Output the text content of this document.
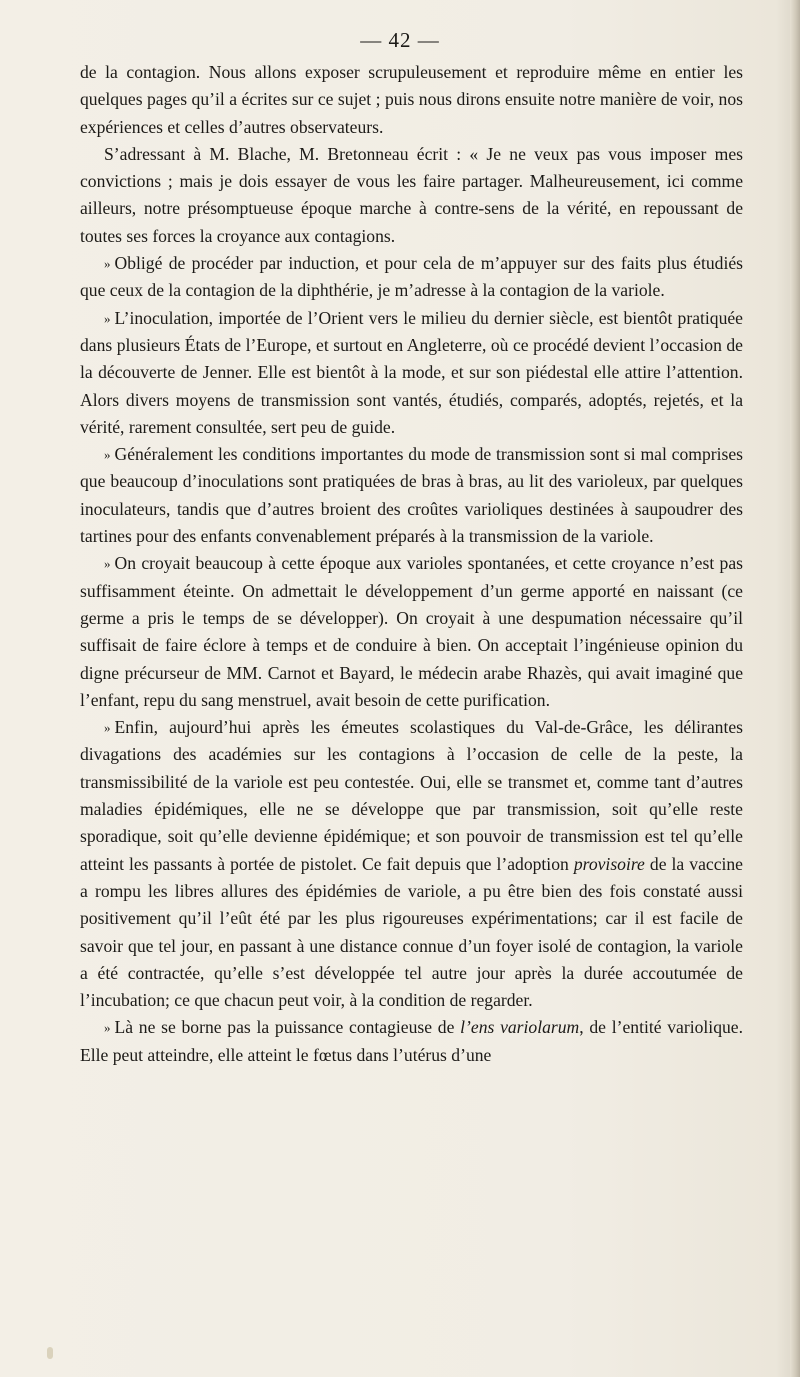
— 42 —

de la contagion. Nous allons exposer scrupuleusement et reproduire même en entier les quelques pages qu’il a écrites sur ce sujet ; puis nous dirons ensuite notre manière de voir, nos expériences et celles d’autres observateurs.

S’adressant à M. Blache, M. Bretonneau écrit : « Je ne veux pas vous imposer mes convictions ; mais je dois essayer de vous les faire partager. Malheureusement, ici comme ailleurs, notre présomptueuse époque marche à contre-sens de la vérité, en repoussant de toutes ses forces la croyance aux contagions.

» Obligé de procéder par induction, et pour cela de m’appuyer sur des faits plus étudiés que ceux de la contagion de la diphthérie, je m’adresse à la contagion de la variole.

» L’inoculation, importée de l’Orient vers le milieu du dernier siècle, est bientôt pratiquée dans plusieurs États de l’Europe, et surtout en Angleterre, où ce procédé devient l’occasion de la découverte de Jenner. Elle est bientôt à la mode, et sur son piédestal elle attire l’attention. Alors divers moyens de transmission sont vantés, étudiés, comparés, adoptés, rejetés, et la vérité, rarement consultée, sert peu de guide.

» Généralement les conditions importantes du mode de transmission sont si mal comprises que beaucoup d’inoculations sont pratiquées de bras à bras, au lit des varioleux, par quelques inoculateurs, tandis que d’autres broient des croûtes varioliques destinées à saupoudrer des tartines pour des enfants convenablement préparés à la transmission de la variole.

» On croyait beaucoup à cette époque aux varioles spontanées, et cette croyance n’est pas suffisamment éteinte. On admettait le développement d’un germe apporté en naissant (ce germe a pris le temps de se développer). On croyait à une despumation nécessaire qu’il suffisait de faire éclore à temps et de conduire à bien. On acceptait l’ingénieuse opinion du digne précurseur de MM. Carnot et Bayard, le médecin arabe Rhazès, qui avait imaginé que l’enfant, repu du sang menstruel, avait besoin de cette purification.

» Enfin, aujourd’hui après les émeutes scolastiques du Val-de-Grâce, les délirantes divagations des académies sur les contagions à l’occasion de celle de la peste, la transmissibilité de la variole est peu contestée. Oui, elle se transmet et, comme tant d’autres maladies épidémiques, elle ne se développe que par transmission, soit qu’elle reste sporadique, soit qu’elle devienne épidémique; et son pouvoir de transmission est tel qu’elle atteint les passants à portée de pistolet. Ce fait depuis que l’adoption provisoire de la vaccine a rompu les libres allures des épidémies de variole, a pu être bien des fois constaté aussi positivement qu’il l’eût été par les plus rigoureuses expérimentations; car il est facile de savoir que tel jour, en passant à une distance connue d’un foyer isolé de contagion, la variole a été contractée, qu’elle s’est développée tel autre jour après la durée accoutumée de l’incubation; ce que chacun peut voir, à la condition de regarder.

» Là ne se borne pas la puissance contagieuse de l’ens variolarum, de l’entité variolique. Elle peut atteindre, elle atteint le fœtus dans l’utérus d’une
